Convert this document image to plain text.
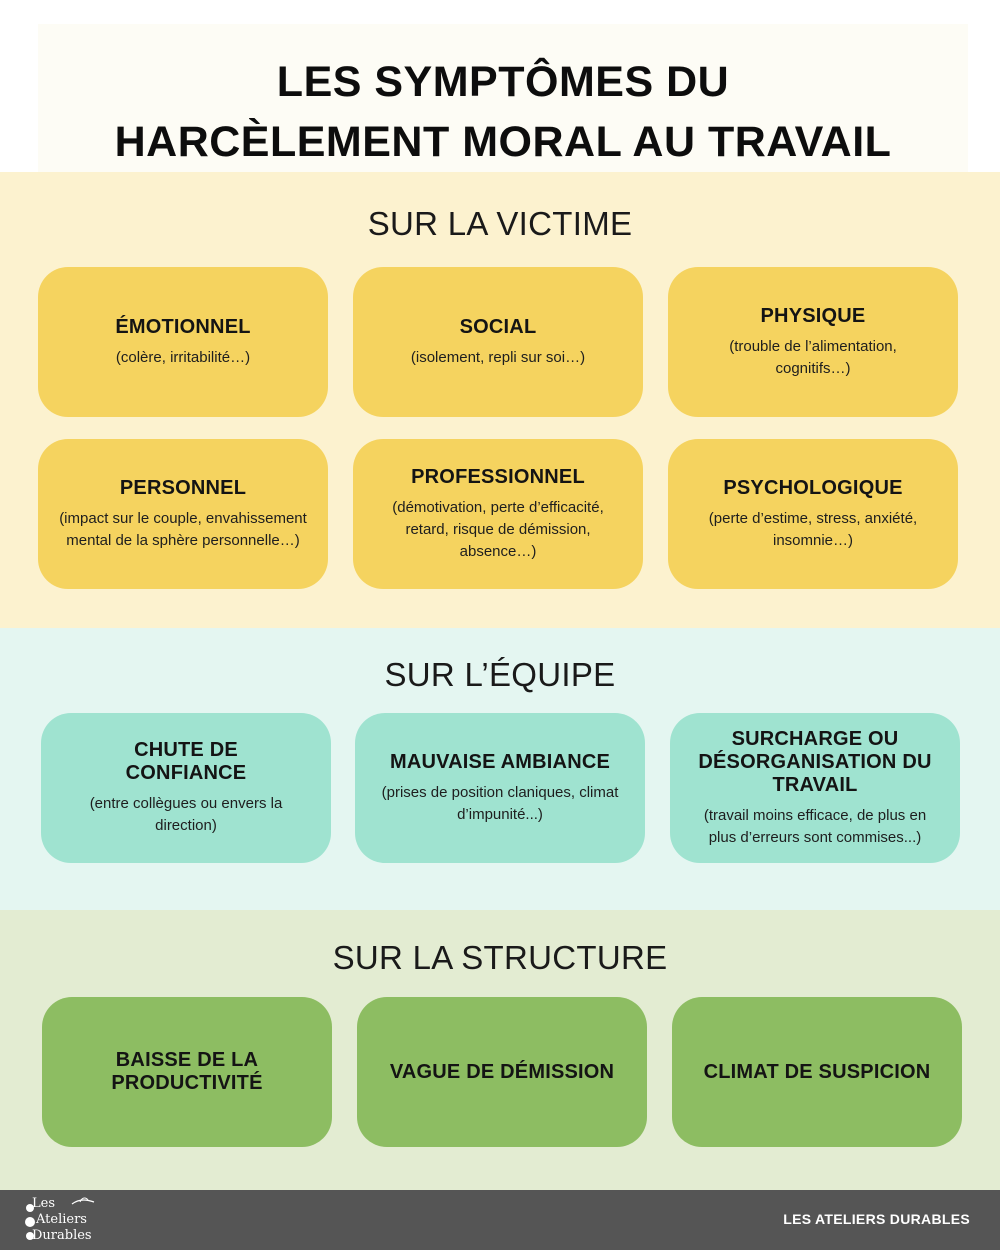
LES SYMPTÔMES DU
HARCÈLEMENT MORAL AU TRAVAIL
SUR LA VICTIME
ÉMOTIONNEL
(colère, irritabilité…)
SOCIAL
(isolement, repli sur soi…)
PHYSIQUE
(trouble de l’alimentation, cognitifs…)
PERSONNEL
(impact sur le couple, envahissement mental de la sphère personnelle…)
PROFESSIONNEL
(démotivation, perte d’efficacité, retard, risque de démission, absence…)
PSYCHOLOGIQUE
(perte d’estime, stress, anxiété, insomnie…)
SUR L’ÉQUIPE
CHUTE DE CONFIANCE
(entre collègues ou envers la direction)
MAUVAISE AMBIANCE
(prises de position claniques, climat d’impunité...)
SURCHARGE OU DÉSORGANISATION DU TRAVAIL
(travail moins efficace, de plus en plus d’erreurs sont commises...)
SUR LA STRUCTURE
BAISSE DE LA PRODUCTIVITÉ
VAGUE DE DÉMISSION	CLIMAT DE SUSPICION
Les
Ateliers
Durables
LES ATELIERS DURABLES
